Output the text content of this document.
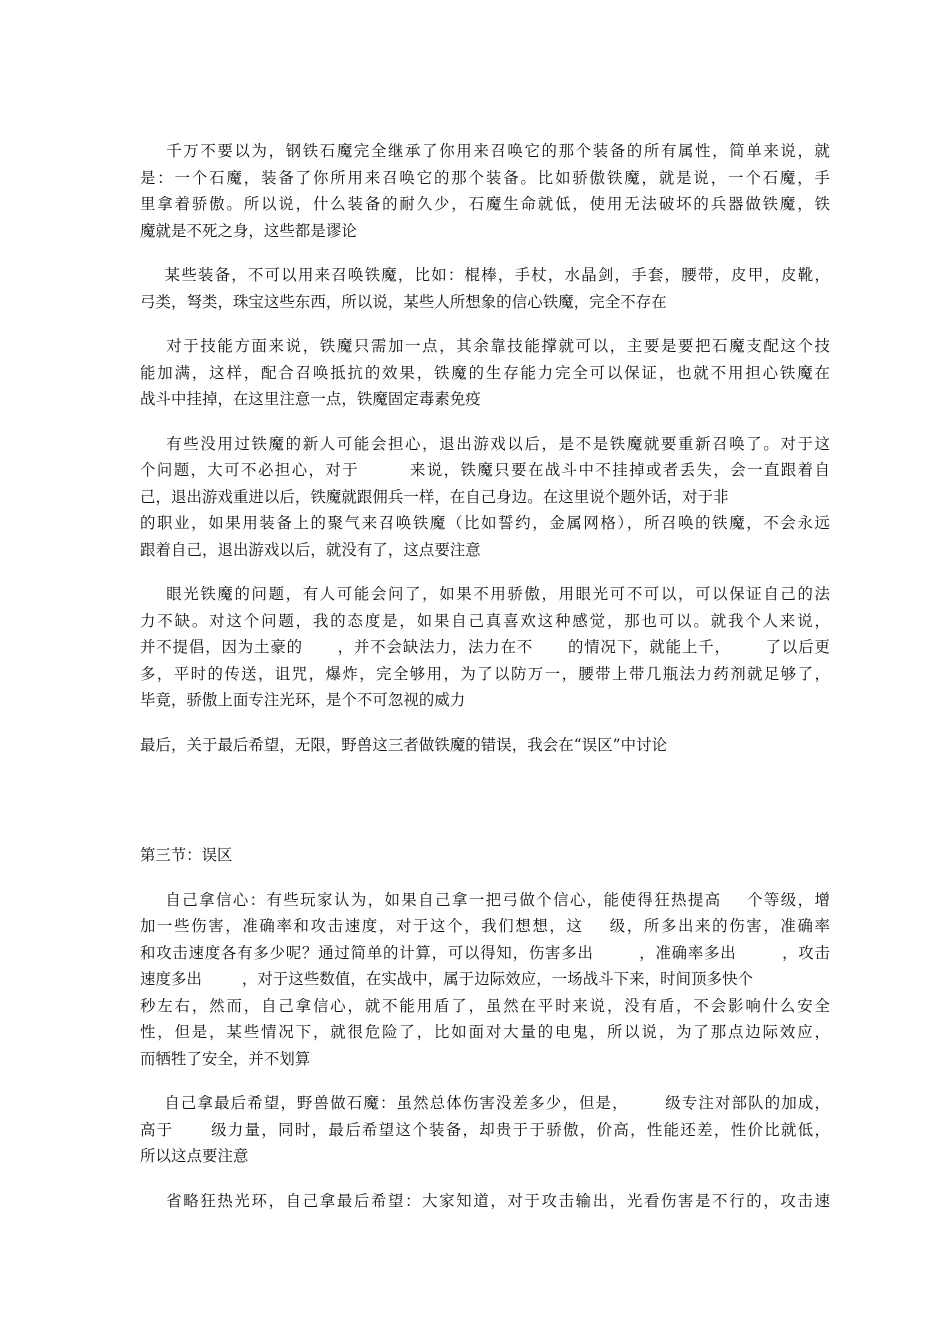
千万不要以为，钢铁石魔完全继承了你用来召唤它的那个装备的所有属性，简单来说，就
是：一个石魔，装备了你所用来召唤它的那个装备。比如骄傲铁魔，就是说，一个石魔，手
里拿着骄傲。所以说，什么装备的耐久少，石魔生命就低，使用无法破坏的兵器做铁魔，铁
魔就是不死之身，这些都是谬论
某些装备，不可以用来召唤铁魔，比如：棍棒，手杖，水晶剑，手套，腰带，皮甲，皮靴，
弓类，弩类，珠宝这些东西，所以说，某些人所想象的信心铁魔，完全不存在
对于技能方面来说，铁魔只需加一点，其余靠技能撑就可以，主要是要把石魔支配这个技
能加满，这样，配合召唤抵抗的效果，铁魔的生存能力完全可以保证，也就不用担心铁魔在
战斗中挂掉，在这里注意一点，铁魔固定毒素免疫
有些没用过铁魔的新人可能会担心，退出游戏以后，是不是铁魔就要重新召唤了。对于这
个问题，大可不必担心，对于        来说，铁魔只要在战斗中不挂掉或者丢失，会一直跟着自
己，退出游戏重进以后，铁魔就跟佣兵一样，在自己身边。在这里说个题外话，对于非
的职业，如果用装备上的聚气来召唤铁魔（比如誓约，金属网格），所召唤的铁魔，不会永远
跟着自己，退出游戏以后，就没有了，这点要注意
眼光铁魔的问题，有人可能会问了，如果不用骄傲，用眼光可不可以，可以保证自己的法
力不缺。对这个问题，我的态度是，如果自己真喜欢这种感觉，那也可以。就我个人来说，
并不提倡，因为土豪的      ，并不会缺法力，法力在不      的情况下，就能上千，      了以后更
多，平时的传送，诅咒，爆炸，完全够用，为了以防万一，腰带上带几瓶法力药剂就足够了，
毕竟，骄傲上面专注光环，是个不可忽视的威力
最后，关于最后希望，无限，野兽这三者做铁魔的错误，我会在“误区”中讨论
第三节：误区
自己拿信心：有些玩家认为，如果自己拿一把弓做个信心，能使得狂热提高    个等级，增
加一些伤害，准确率和攻击速度，对于这个，我们想想，这    级，所多出来的伤害，准确率
和攻击速度各有多少呢？通过简单的计算，可以得知，伤害多出        ，准确率多出        ，攻击
速度多出        ，对于这些数值，在实战中，属于边际效应，一场战斗下来，时间顶多快个
秒左右，然而，自己拿信心，就不能用盾了，虽然在平时来说，没有盾，不会影响什么安全
性，但是，某些情况下，就很危险了，比如面对大量的电鬼，所以说，为了那点边际效应，
而牺牲了安全，并不划算
自己拿最后希望，野兽做石魔：虽然总体伤害没差多少，但是，      级专注对部队的加成，
高于      级力量，同时，最后希望这个装备，却贵于于骄傲，价高，性能还差，性价比就低，
所以这点要注意
省略狂热光环，自己拿最后希望：大家知道，对于攻击输出，光看伤害是不行的，攻击速
